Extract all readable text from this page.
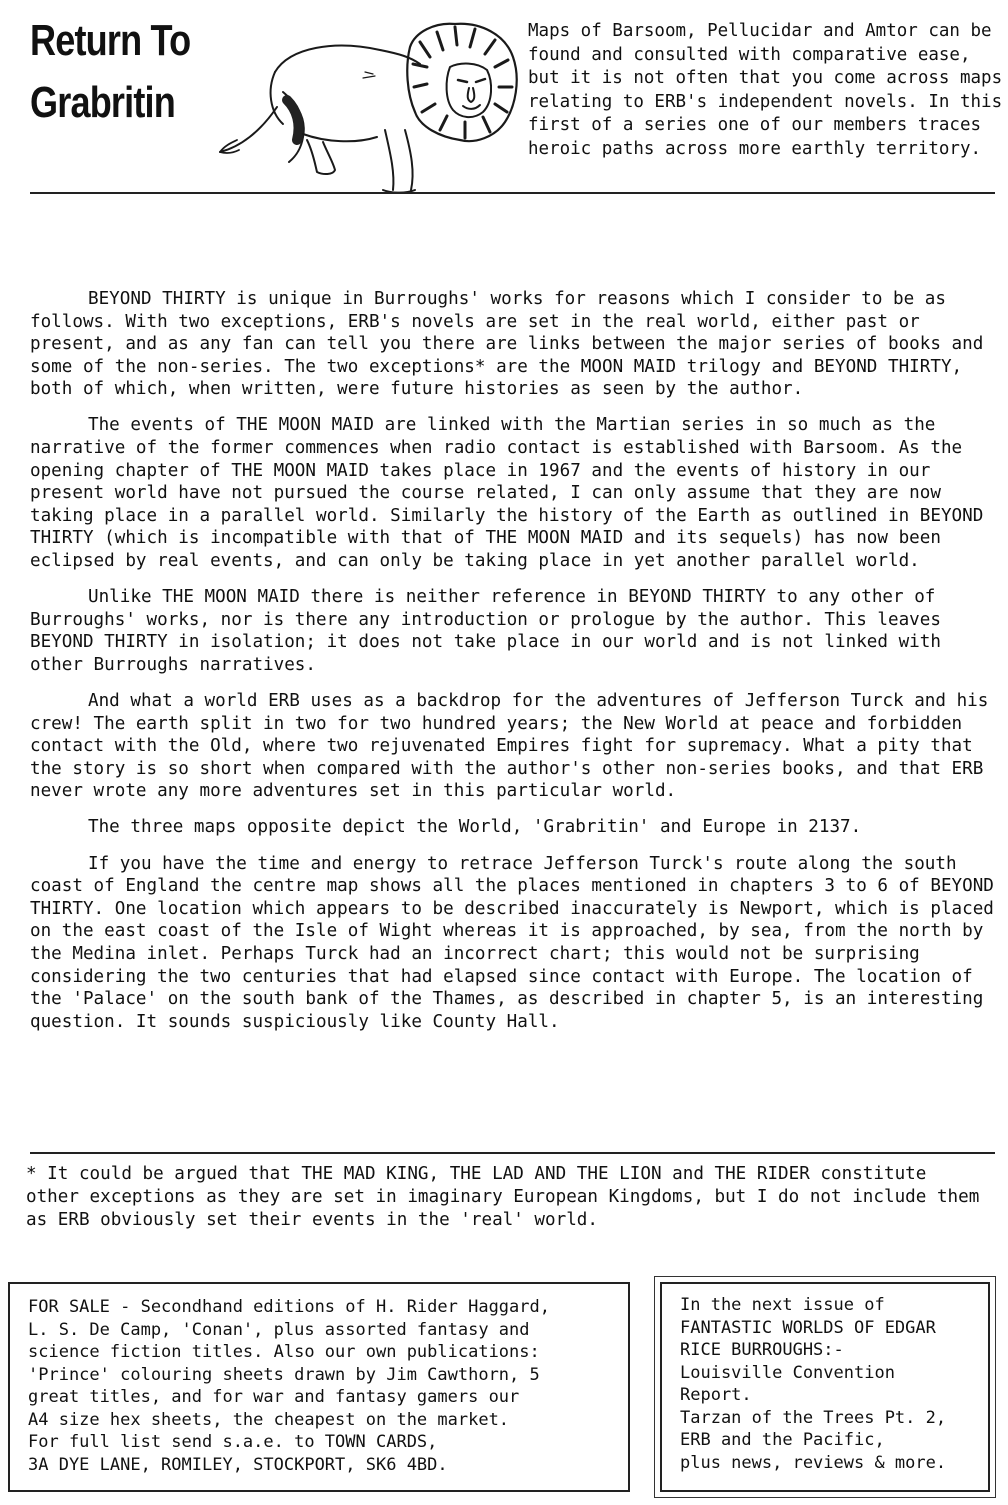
Return To
Grabritin
Maps of Barsoom, Pellucidar and Amtor can be found and consulted with comparative ease, but it is not often that you come across maps relating to ERB's independent novels. In this first of a series one of our members traces heroic paths across more earthly territory.

BEYOND THIRTY is unique in Burroughs' works for reasons which I consider to be as follows. With two exceptions, ERB's novels are set in the real world, either past or present, and as any fan can tell you there are links between the major series of books and some of the non-series. The two exceptions* are the MOON MAID trilogy and BEYOND THIRTY, both of which, when written, were future histories as seen by the author.

The events of THE MOON MAID are linked with the Martian series in so much as the narrative of the former commences when radio contact is established with Barsoom. As the opening chapter of THE MOON MAID takes place in 1967 and the events of history in our present world have not pursued the course related, I can only assume that they are now taking place in a parallel world. Similarly the history of the Earth as outlined in BEYOND THIRTY (which is incompatible with that of THE MOON MAID and its sequels) has now been eclipsed by real events, and can only be taking place in yet another parallel world.

Unlike THE MOON MAID there is neither reference in BEYOND THIRTY to any other of Burroughs' works, nor is there any introduction or prologue by the author. This leaves BEYOND THIRTY in isolation; it does not take place in our world and is not linked with other Burroughs narratives.

And what a world ERB uses as a backdrop for the adventures of Jefferson Turck and his crew! The earth split in two for two hundred years; the New World at peace and forbidden contact with the Old, where two rejuvenated Empires fight for supremacy. What a pity that the story is so short when compared with the author's other non-series books, and that ERB never wrote any more adventures set in this particular world.

The three maps opposite depict the World, 'Grabritin' and Europe in 2137.

If you have the time and energy to retrace Jefferson Turck's route along the south coast of England the centre map shows all the places mentioned in chapters 3 to 6 of BEYOND THIRTY. One location which appears to be described inaccurately is Newport, which is placed on the east coast of the Isle of Wight whereas it is approached, by sea, from the north by the Medina inlet. Perhaps Turck had an incorrect chart; this would not be surprising considering the two centuries that had elapsed since contact with Europe. The location of the 'Palace' on the south bank of the Thames, as described in chapter 5, is an interesting question. It sounds suspiciously like County Hall.

* It could be argued that THE MAD KING, THE LAD AND THE LION and THE RIDER constitute other exceptions as they are set in imaginary European Kingdoms, but I do not include them as ERB obviously set their events in the 'real' world.

FOR SALE - Secondhand editions of H. Rider Haggard,
L. S. De Camp, 'Conan', plus assorted fantasy and
science fiction titles. Also our own publications:
'Prince' colouring sheets drawn by Jim Cawthorn, 5
great titles, and for war and fantasy gamers our
A4 size hex sheets, the cheapest on the market.
For full list send s.a.e. to TOWN CARDS,
3A DYE LANE, ROMILEY, STOCKPORT, SK6 4BD.
In the next issue of
FANTASTIC WORLDS OF EDGAR
RICE BURROUGHS:-
Louisville Convention
Report.
Tarzan of the Trees Pt. 2,
ERB and the Pacific,
plus news, reviews & more.
